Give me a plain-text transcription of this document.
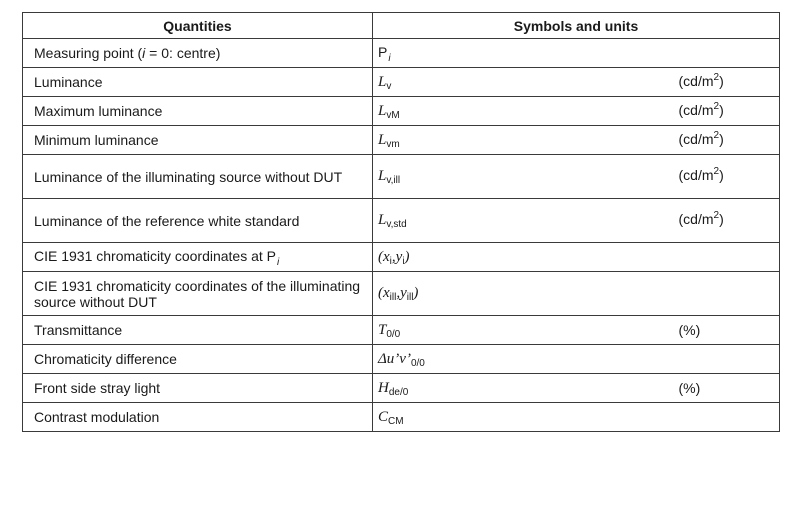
Quantities	Symbols and units	
Measuring point (i = 0: centre)	$P_i$	
Luminance	$L_v$	$(cd/m^2)$
Maximum luminance	$L_{vM}$	$(cd/m^2)$
Minimum luminance	$L_{vm}$	$(cd/m^2)$
Luminance of the illuminating source without DUT	$L_{v,ill}$	$(cd/m^2)$
Luminance of the reference white standard	$L_{v,std}$	$(cd/m^2)$
CIE 1931 chromaticity coordinates at $P_i$	$(x_i,y_i)$	
CIE 1931 chromaticity coordinates of the illuminating source without DUT	$(x_{ill},y_{ill})$	
Transmittance	$T_{0/0}$	(%)
Chromaticity difference	$\Delta u’v’_{0/0}$	
Front side stray light	$H_{de/0}$	(%)
Contrast modulation	$C_{CM}$	
